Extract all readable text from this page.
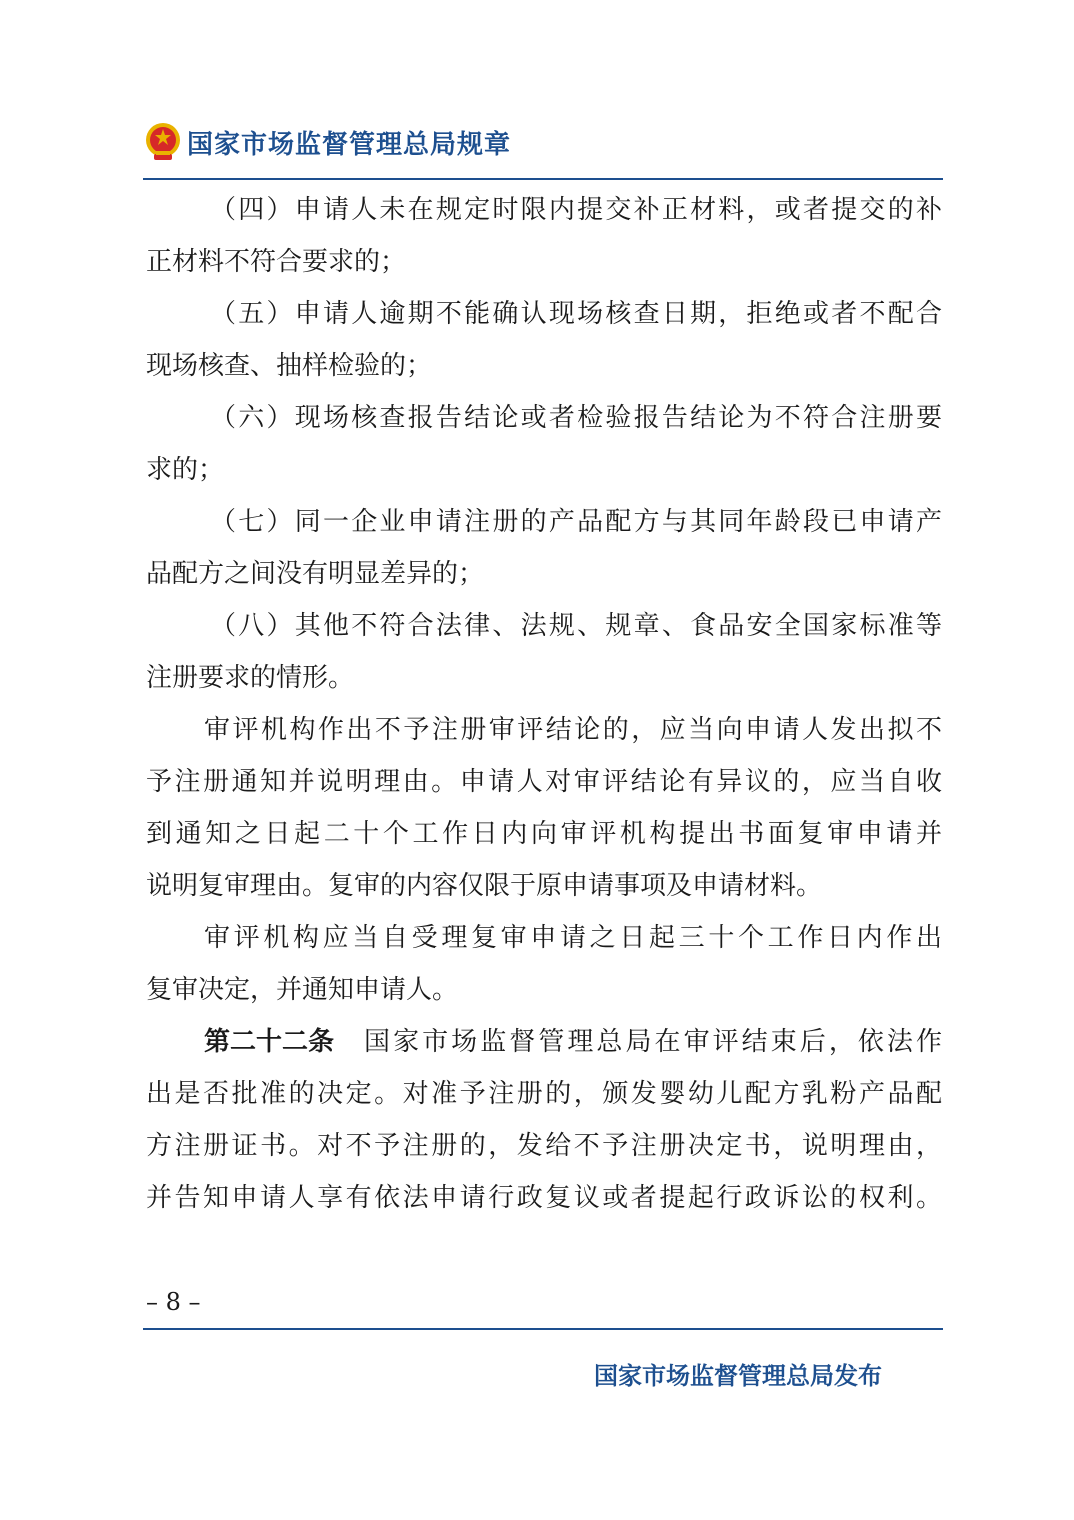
国家市场监督管理总局规章
（四）申请人未在规定时限内提交补正材料，或者提交的补
正材料不符合要求的；
（五）申请人逾期不能确认现场核查日期，拒绝或者不配合
现场核查、抽样检验的；
（六）现场核查报告结论或者检验报告结论为不符合注册要
求的；
（七）同一企业申请注册的产品配方与其同年龄段已申请产
品配方之间没有明显差异的；
（八）其他不符合法律、法规、规章、食品安全国家标准等
注册要求的情形。
审评机构作出不予注册审评结论的，应当向申请人发出拟不
予注册通知并说明理由。申请人对审评结论有异议的，应当自收
到通知之日起二十个工作日内向审评机构提出书面复审申请并
说明复审理由。复审的内容仅限于原申请事项及申请材料。
审评机构应当自受理复审申请之日起三十个工作日内作出
复审决定，并通知申请人。
第二十二条 国家市场监督管理总局在审评结束后，依法作
出是否批准的决定。对准予注册的，颁发婴幼儿配方乳粉产品配
方注册证书。对不予注册的，发给不予注册决定书，说明理由，
并告知申请人享有依法申请行政复议或者提起行政诉讼的权利。
– 8 –
国家市场监督管理总局发布
